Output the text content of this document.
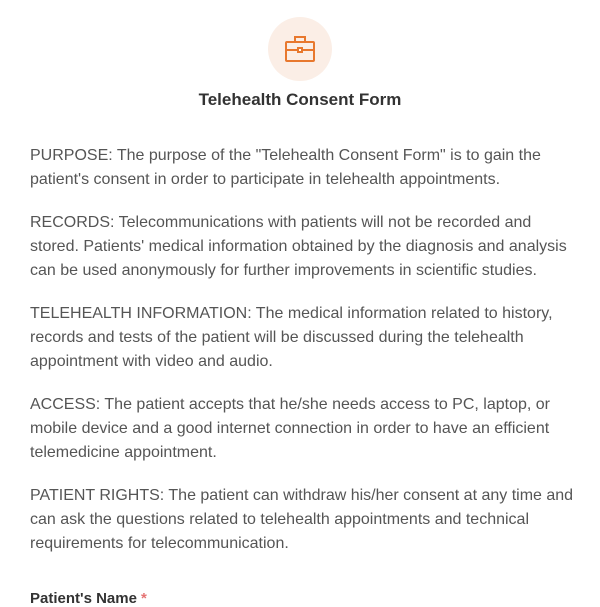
Telehealth Consent Form

PURPOSE: The purpose of the "Telehealth Consent Form" is to gain the patient's consent in order to participate in telehealth appointments.

RECORDS: Telecommunications with patients will not be recorded and stored. Patients' medical information obtained by the diagnosis and analysis can be used anonymously for further improvements in scientific studies.

TELEHEALTH INFORMATION: The medical information related to history, records and tests of the patient will be discussed during the telehealth appointment with video and audio.

ACCESS: The patient accepts that he/she needs access to PC, laptop, or mobile device and a good internet connection in order to have an efficient telemedicine appointment.

PATIENT RIGHTS: The patient can withdraw his/her consent at any time and can ask the questions related to telehealth appointments and technical requirements for telecommunication.

Patient's Name *
